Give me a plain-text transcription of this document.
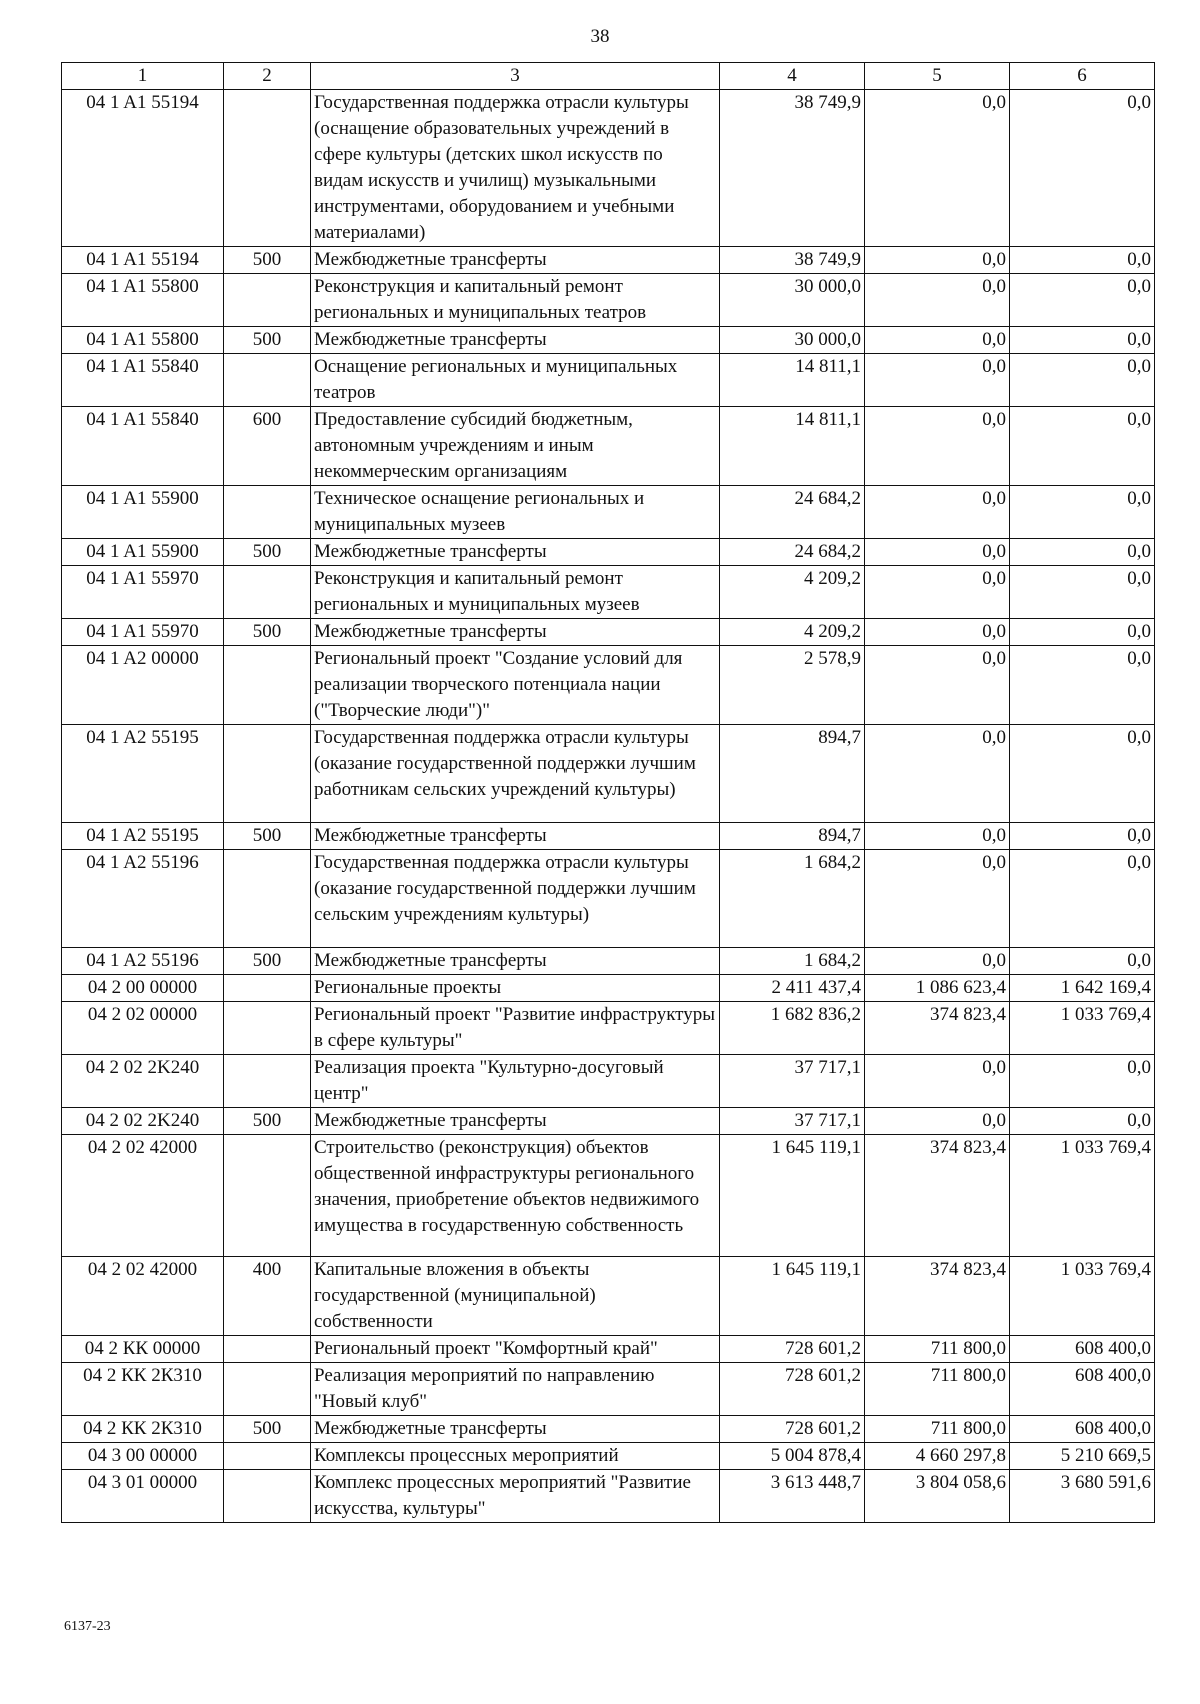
38
1	2	3	4	5	6
04 1 A1 55194		Государственная поддержка отрасли культуры (оснащение образовательных учреждений в сфере культуры (детских школ искусств по видам искусств и училищ) музыкальными инструментами, оборудованием и учебными материалами)	38 749,9	0,0	0,0
04 1 A1 55194	500	Межбюджетные трансферты	38 749,9	0,0	0,0
04 1 A1 55800		Реконструкция и капитальный ремонт региональных и муниципальных театров	30 000,0	0,0	0,0
04 1 A1 55800	500	Межбюджетные трансферты	30 000,0	0,0	0,0
04 1 A1 55840		Оснащение региональных и муниципальных театров	14 811,1	0,0	0,0
04 1 A1 55840	600	Предоставление субсидий бюджетным, автономным учреждениям и иным некоммерческим организациям	14 811,1	0,0	0,0
04 1 A1 55900		Техническое оснащение региональных и муниципальных музеев	24 684,2	0,0	0,0
04 1 A1 55900	500	Межбюджетные трансферты	24 684,2	0,0	0,0
04 1 A1 55970		Реконструкция и капитальный ремонт региональных и муниципальных музеев	4 209,2	0,0	0,0
04 1 A1 55970	500	Межбюджетные трансферты	4 209,2	0,0	0,0
04 1 A2 00000		Региональный проект "Создание условий для реализации творческого потенциала нации ("Творческие люди")"	2 578,9	0,0	0,0
04 1 A2 55195		Государственная поддержка отрасли культуры (оказание государственной поддержки лучшим работникам сельских учреждений культуры)	894,7	0,0	0,0
04 1 A2 55195	500	Межбюджетные трансферты	894,7	0,0	0,0
04 1 A2 55196		Государственная поддержка отрасли культуры (оказание государственной поддержки лучшим сельским учреждениям культуры)	1 684,2	0,0	0,0
04 1 A2 55196	500	Межбюджетные трансферты	1 684,2	0,0	0,0
04 2 00 00000		Региональные проекты	2 411 437,4	1 086 623,4	1 642 169,4
04 2 02 00000		Региональный проект "Развитие инфраструктуры в сфере культуры"	1 682 836,2	374 823,4	1 033 769,4
04 2 02 2K240		Реализация проекта "Культурно-досуговый центр"	37 717,1	0,0	0,0
04 2 02 2K240	500	Межбюджетные трансферты	37 717,1	0,0	0,0
04 2 02 42000		Строительство (реконструкция) объектов общественной инфраструктуры регионального значения, приобретение объектов недвижимого имущества в государственную собственность	1 645 119,1	374 823,4	1 033 769,4
04 2 02 42000	400	Капитальные вложения в объекты государственной (муниципальной) собственности	1 645 119,1	374 823,4	1 033 769,4
04 2 КК 00000		Региональный проект "Комфортный край"	728 601,2	711 800,0	608 400,0
04 2 КК 2К310		Реализация мероприятий по направлению "Новый клуб"	728 601,2	711 800,0	608 400,0
04 2 КК 2К310	500	Межбюджетные трансферты	728 601,2	711 800,0	608 400,0
04 3 00 00000		Комплексы процессных мероприятий	5 004 878,4	4 660 297,8	5 210 669,5
04 3 01 00000		Комплекс процессных мероприятий "Развитие искусства, культуры"	3 613 448,7	3 804 058,6	3 680 591,6
6137-23
